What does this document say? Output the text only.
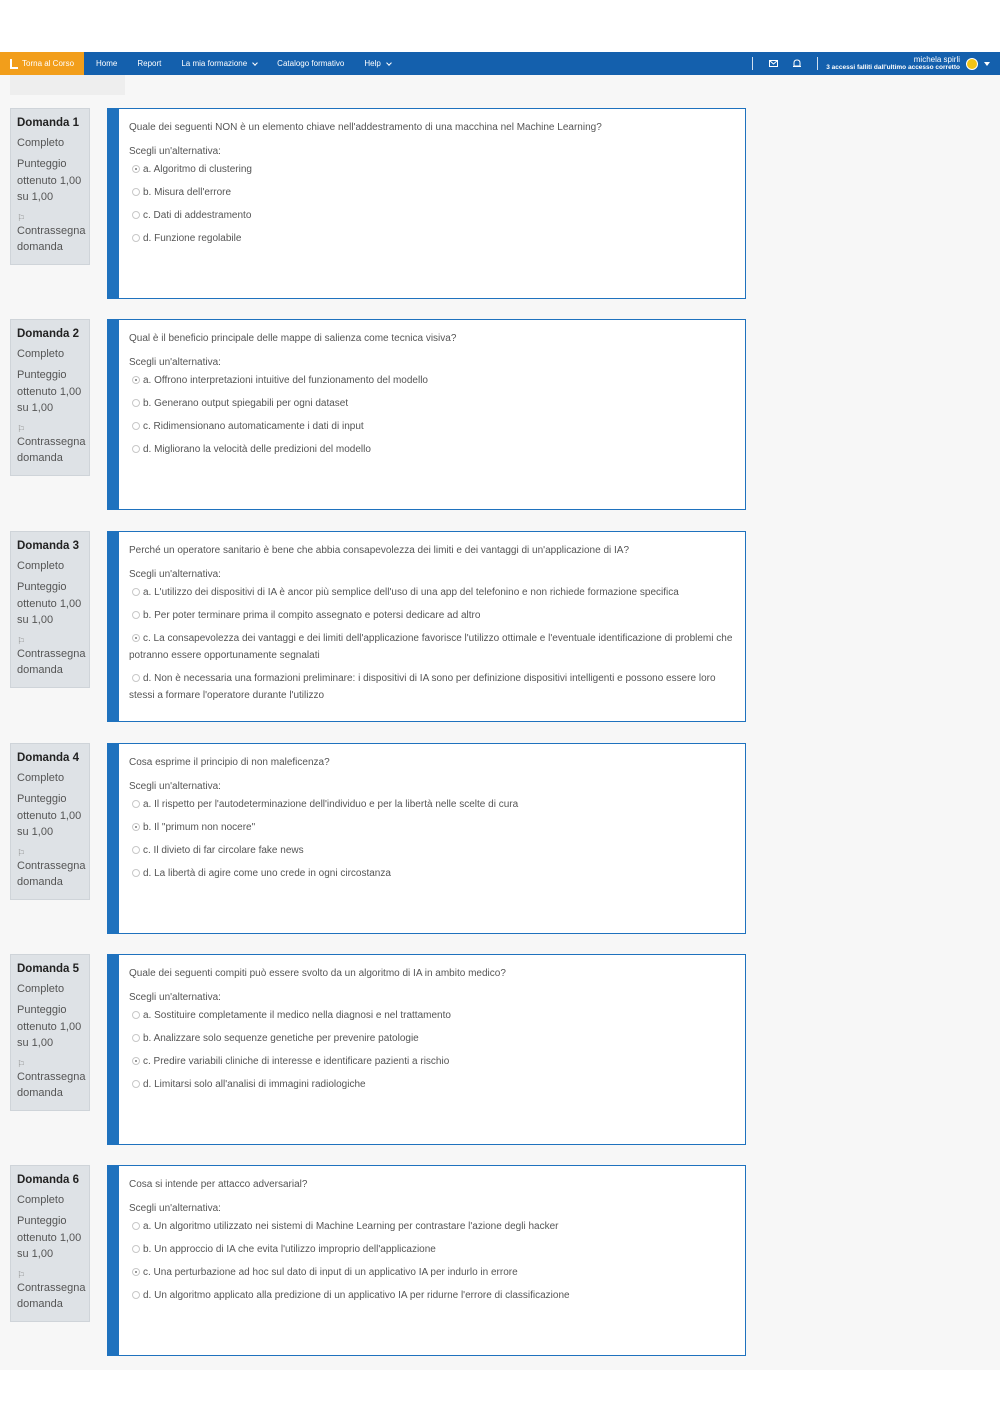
Torna al Corso	Home	Report	La mia formazione	Catalogo formativo	Help	michela spirli
3 accessi falliti dall'ultimo accesso corretto
Domanda 1
Completo
Punteggio ottenuto 1,00 su 1,00
⚐
Contrassegna domanda
Quale dei seguenti NON è un elemento chiave nell'addestramento di una macchina nel Machine Learning?
Scegli un'alternativa:
a. Algoritmo di clustering
b. Misura dell'errore
c. Dati di addestramento
d. Funzione regolabile
Domanda 2
Completo
Punteggio ottenuto 1,00 su 1,00
⚐
Contrassegna domanda
Qual è il beneficio principale delle mappe di salienza come tecnica visiva?
Scegli un'alternativa:
a. Offrono interpretazioni intuitive del funzionamento del modello
b. Generano output spiegabili per ogni dataset
c. Ridimensionano automaticamente i dati di input
d. Migliorano la velocità delle predizioni del modello
Domanda 3
Completo
Punteggio ottenuto 1,00 su 1,00
⚐
Contrassegna domanda
Perché un operatore sanitario è bene che abbia consapevolezza dei limiti e dei vantaggi di un'applicazione di IA?
Scegli un'alternativa:
a. L'utilizzo dei dispositivi di IA è ancor più semplice dell'uso di una app del telefonino e non richiede formazione specifica
b. Per poter terminare prima il compito assegnato e potersi dedicare ad altro
c. La consapevolezza dei vantaggi e dei limiti dell'applicazione favorisce l'utilizzo ottimale e l'eventuale identificazione di problemi che potranno essere opportunamente segnalati
d. Non è necessaria una formazioni preliminare: i dispositivi di IA sono per definizione dispositivi intelligenti e possono essere loro stessi a formare l'operatore durante l'utilizzo
Domanda 4
Completo
Punteggio ottenuto 1,00 su 1,00
⚐
Contrassegna domanda
Cosa esprime il principio di non maleficenza?
Scegli un'alternativa:
a. Il rispetto per l'autodeterminazione dell'individuo e per la libertà nelle scelte di cura
b. Il "primum non nocere"
c. Il divieto di far circolare fake news
d. La libertà di agire come uno crede in ogni circostanza
Domanda 5
Completo
Punteggio ottenuto 1,00 su 1,00
⚐
Contrassegna domanda
Quale dei seguenti compiti può essere svolto da un algoritmo di IA in ambito medico?
Scegli un'alternativa:
a. Sostituire completamente il medico nella diagnosi e nel trattamento
b. Analizzare solo sequenze genetiche per prevenire patologie
c. Predire variabili cliniche di interesse e identificare pazienti a rischio
d. Limitarsi solo all'analisi di immagini radiologiche
Domanda 6
Completo
Punteggio ottenuto 1,00 su 1,00
⚐
Contrassegna domanda
Cosa si intende per attacco adversarial?
Scegli un'alternativa:
a. Un algoritmo utilizzato nei sistemi di Machine Learning per contrastare l'azione degli hacker
b. Un approccio di IA che evita l'utilizzo improprio dell'applicazione
c. Una perturbazione ad hoc sul dato di input di un applicativo IA per indurlo in errore
d. Un algoritmo applicato alla predizione di un applicativo IA per ridurne l'errore di classificazione
